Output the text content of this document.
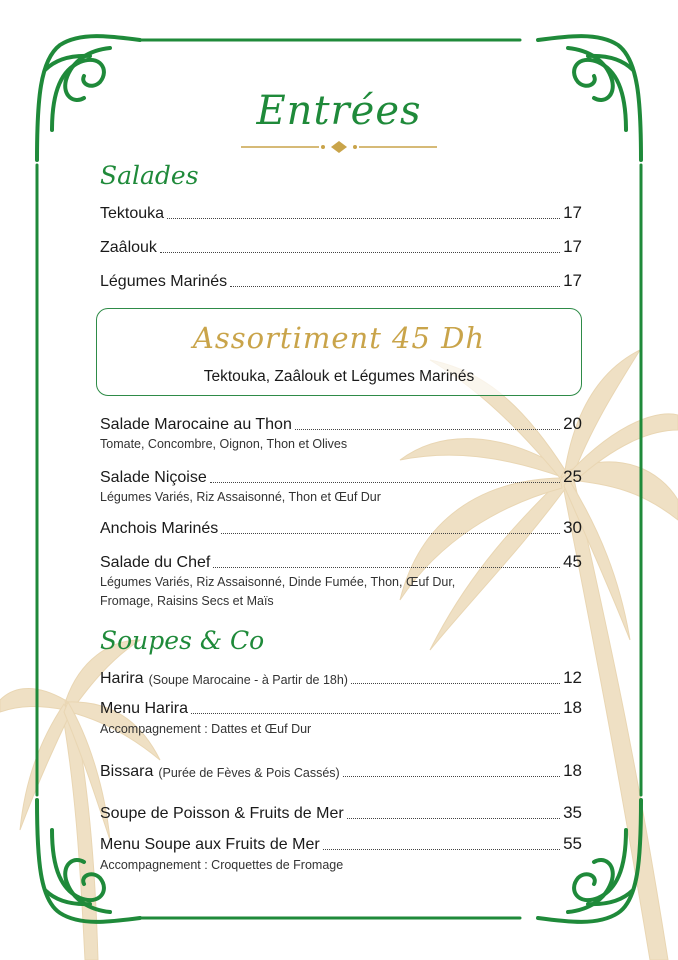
Entrées
Salades
Tektouka	17
Zaâlouk	17
Légumes Marinés	17
Assortiment 45 Dh
Tektouka, Zaâlouk et Légumes Marinés
Salade Marocaine au Thon	20
Tomate, Concombre, Oignon, Thon et Olives
Salade Niçoise	25
Légumes Variés, Riz Assaisonné, Thon et Œuf Dur
Anchois Marinés	30
Salade du Chef	45
Légumes Variés, Riz Assaisonné, Dinde Fumée, Thon, Œuf Dur,
Fromage, Raisins Secs et Maïs
Soupes & Co
Harira (Soupe Marocaine - à Partir de 18h)	12
Menu Harira	18
Accompagnement : Dattes et Œuf Dur
Bissara (Purée de Fèves & Pois Cassés)	18
Soupe de Poisson & Fruits de Mer	35
Menu Soupe aux Fruits de Mer	55
Accompagnement : Croquettes de Fromage
